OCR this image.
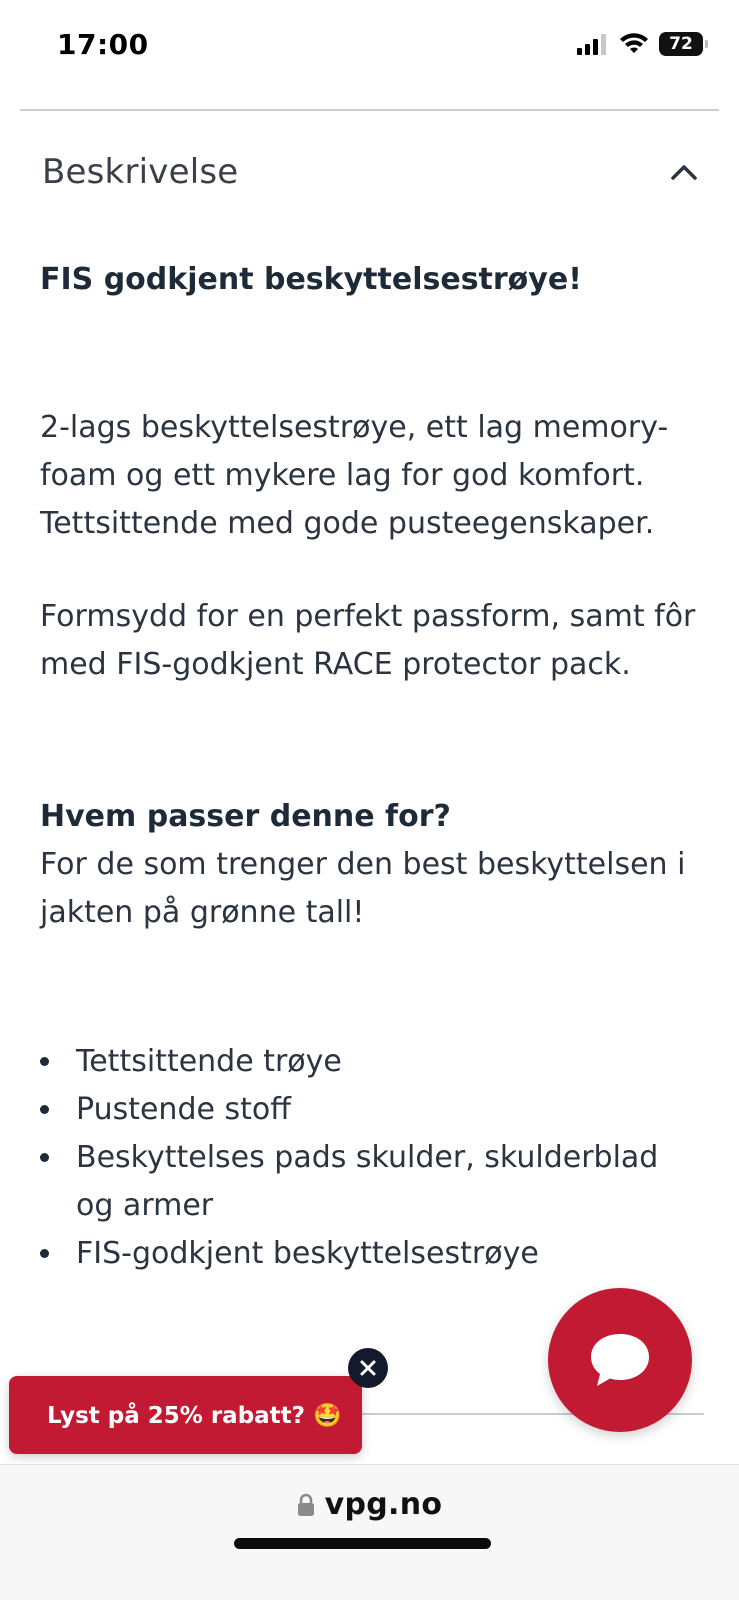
17:00	72
Beskrivelse
FIS godkjent beskyttelsestrøye!

2-lags beskyttelsestrøye, ett lag memory-foam og ett mykere lag for god komfort. Tettsittende med gode pusteegenskaper.

Formsydd for en perfekt passform, samt fôr med FIS-godkjent RACE protector pack.

Hvem passer denne for?
For de som trenger den best beskyttelsen i jakten på grønne tall!
Tettsittende trøye
Pustende stoff
Beskyttelses pads skulder, skulderblad og armer
FIS-godkjent beskyttelsestrøye
Lyst på 25% rabatt? 🤩
vpg.no
